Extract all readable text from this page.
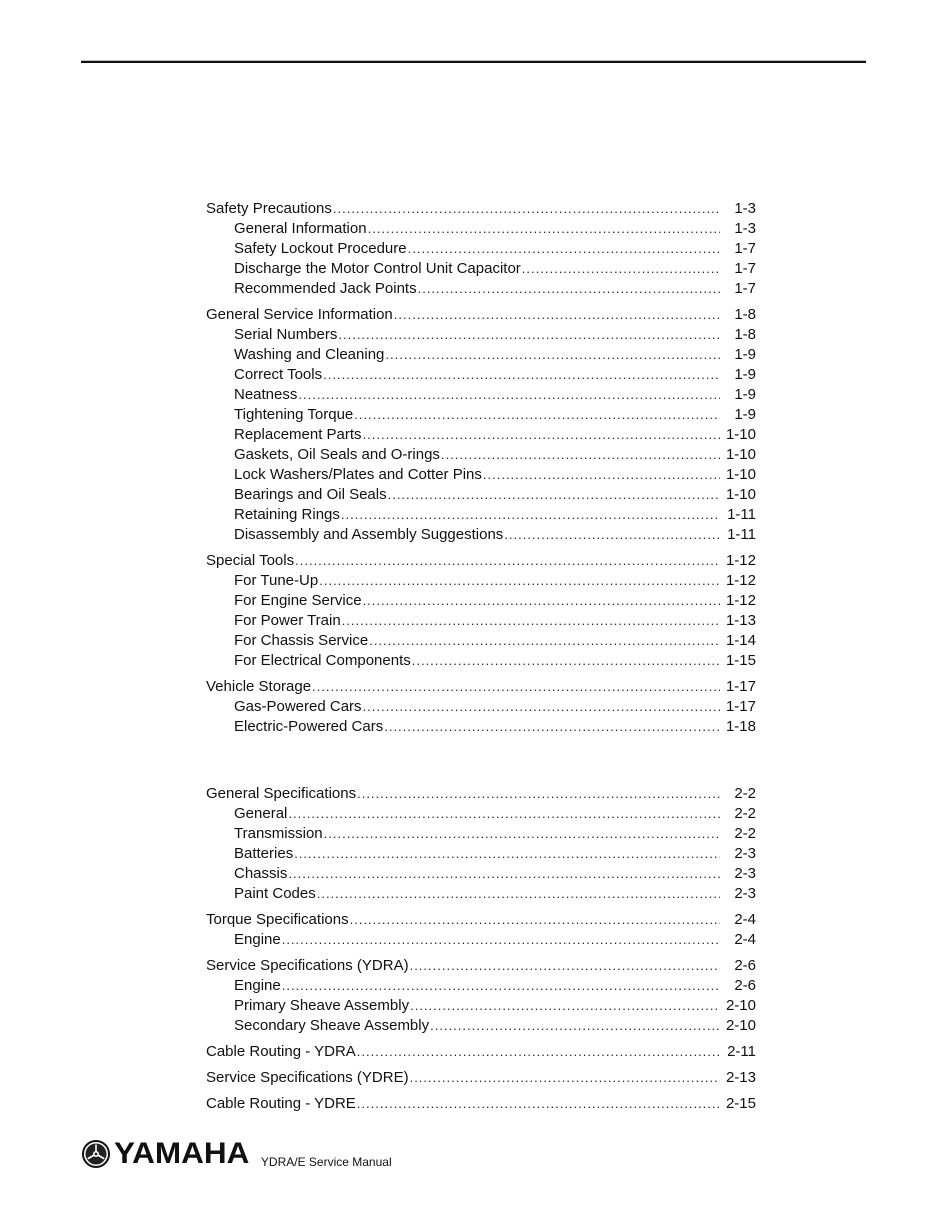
Safety Precautions .....	1-3
General Information .....	1-3
Safety Lockout Procedure .....	1-7
Discharge the Motor Control Unit Capacitor .....	1-7
Recommended Jack Points .....	1-7
General Service Information .....	1-8
Serial Numbers .....	1-8
Washing and Cleaning .....	1-9
Correct Tools .....	1-9
Neatness .....	1-9
Tightening Torque .....	1-9
Replacement Parts .....	1-10
Gaskets, Oil Seals and O-rings .....	1-10
Lock Washers/Plates and Cotter Pins .....	1-10
Bearings and Oil Seals .....	1-10
Retaining Rings .....	1-11
Disassembly and Assembly Suggestions .....	1-11
Special Tools .....	1-12
For Tune-Up .....	1-12
For Engine Service .....	1-12
For Power Train .....	1-13
For Chassis Service .....	1-14
For Electrical Components .....	1-15
Vehicle Storage .....	1-17
Gas-Powered Cars .....	1-17
Electric-Powered Cars .....	1-18
General Specifications .....	2-2
General .....	2-2
Transmission .....	2-2
Batteries .....	2-3
Chassis .....	2-3
Paint Codes .....	2-3
Torque Specifications .....	2-4
Engine .....	2-4
Service Specifications (YDRA) .....	2-6
Engine .....	2-6
Primary Sheave Assembly .....	2-10
Secondary Sheave Assembly .....	2-10
Cable Routing - YDRA .....	2-11
Service Specifications (YDRE) .....	2-13
Cable Routing - YDRE .....	2-15
YAMAHA YDRA/E Service Manual
